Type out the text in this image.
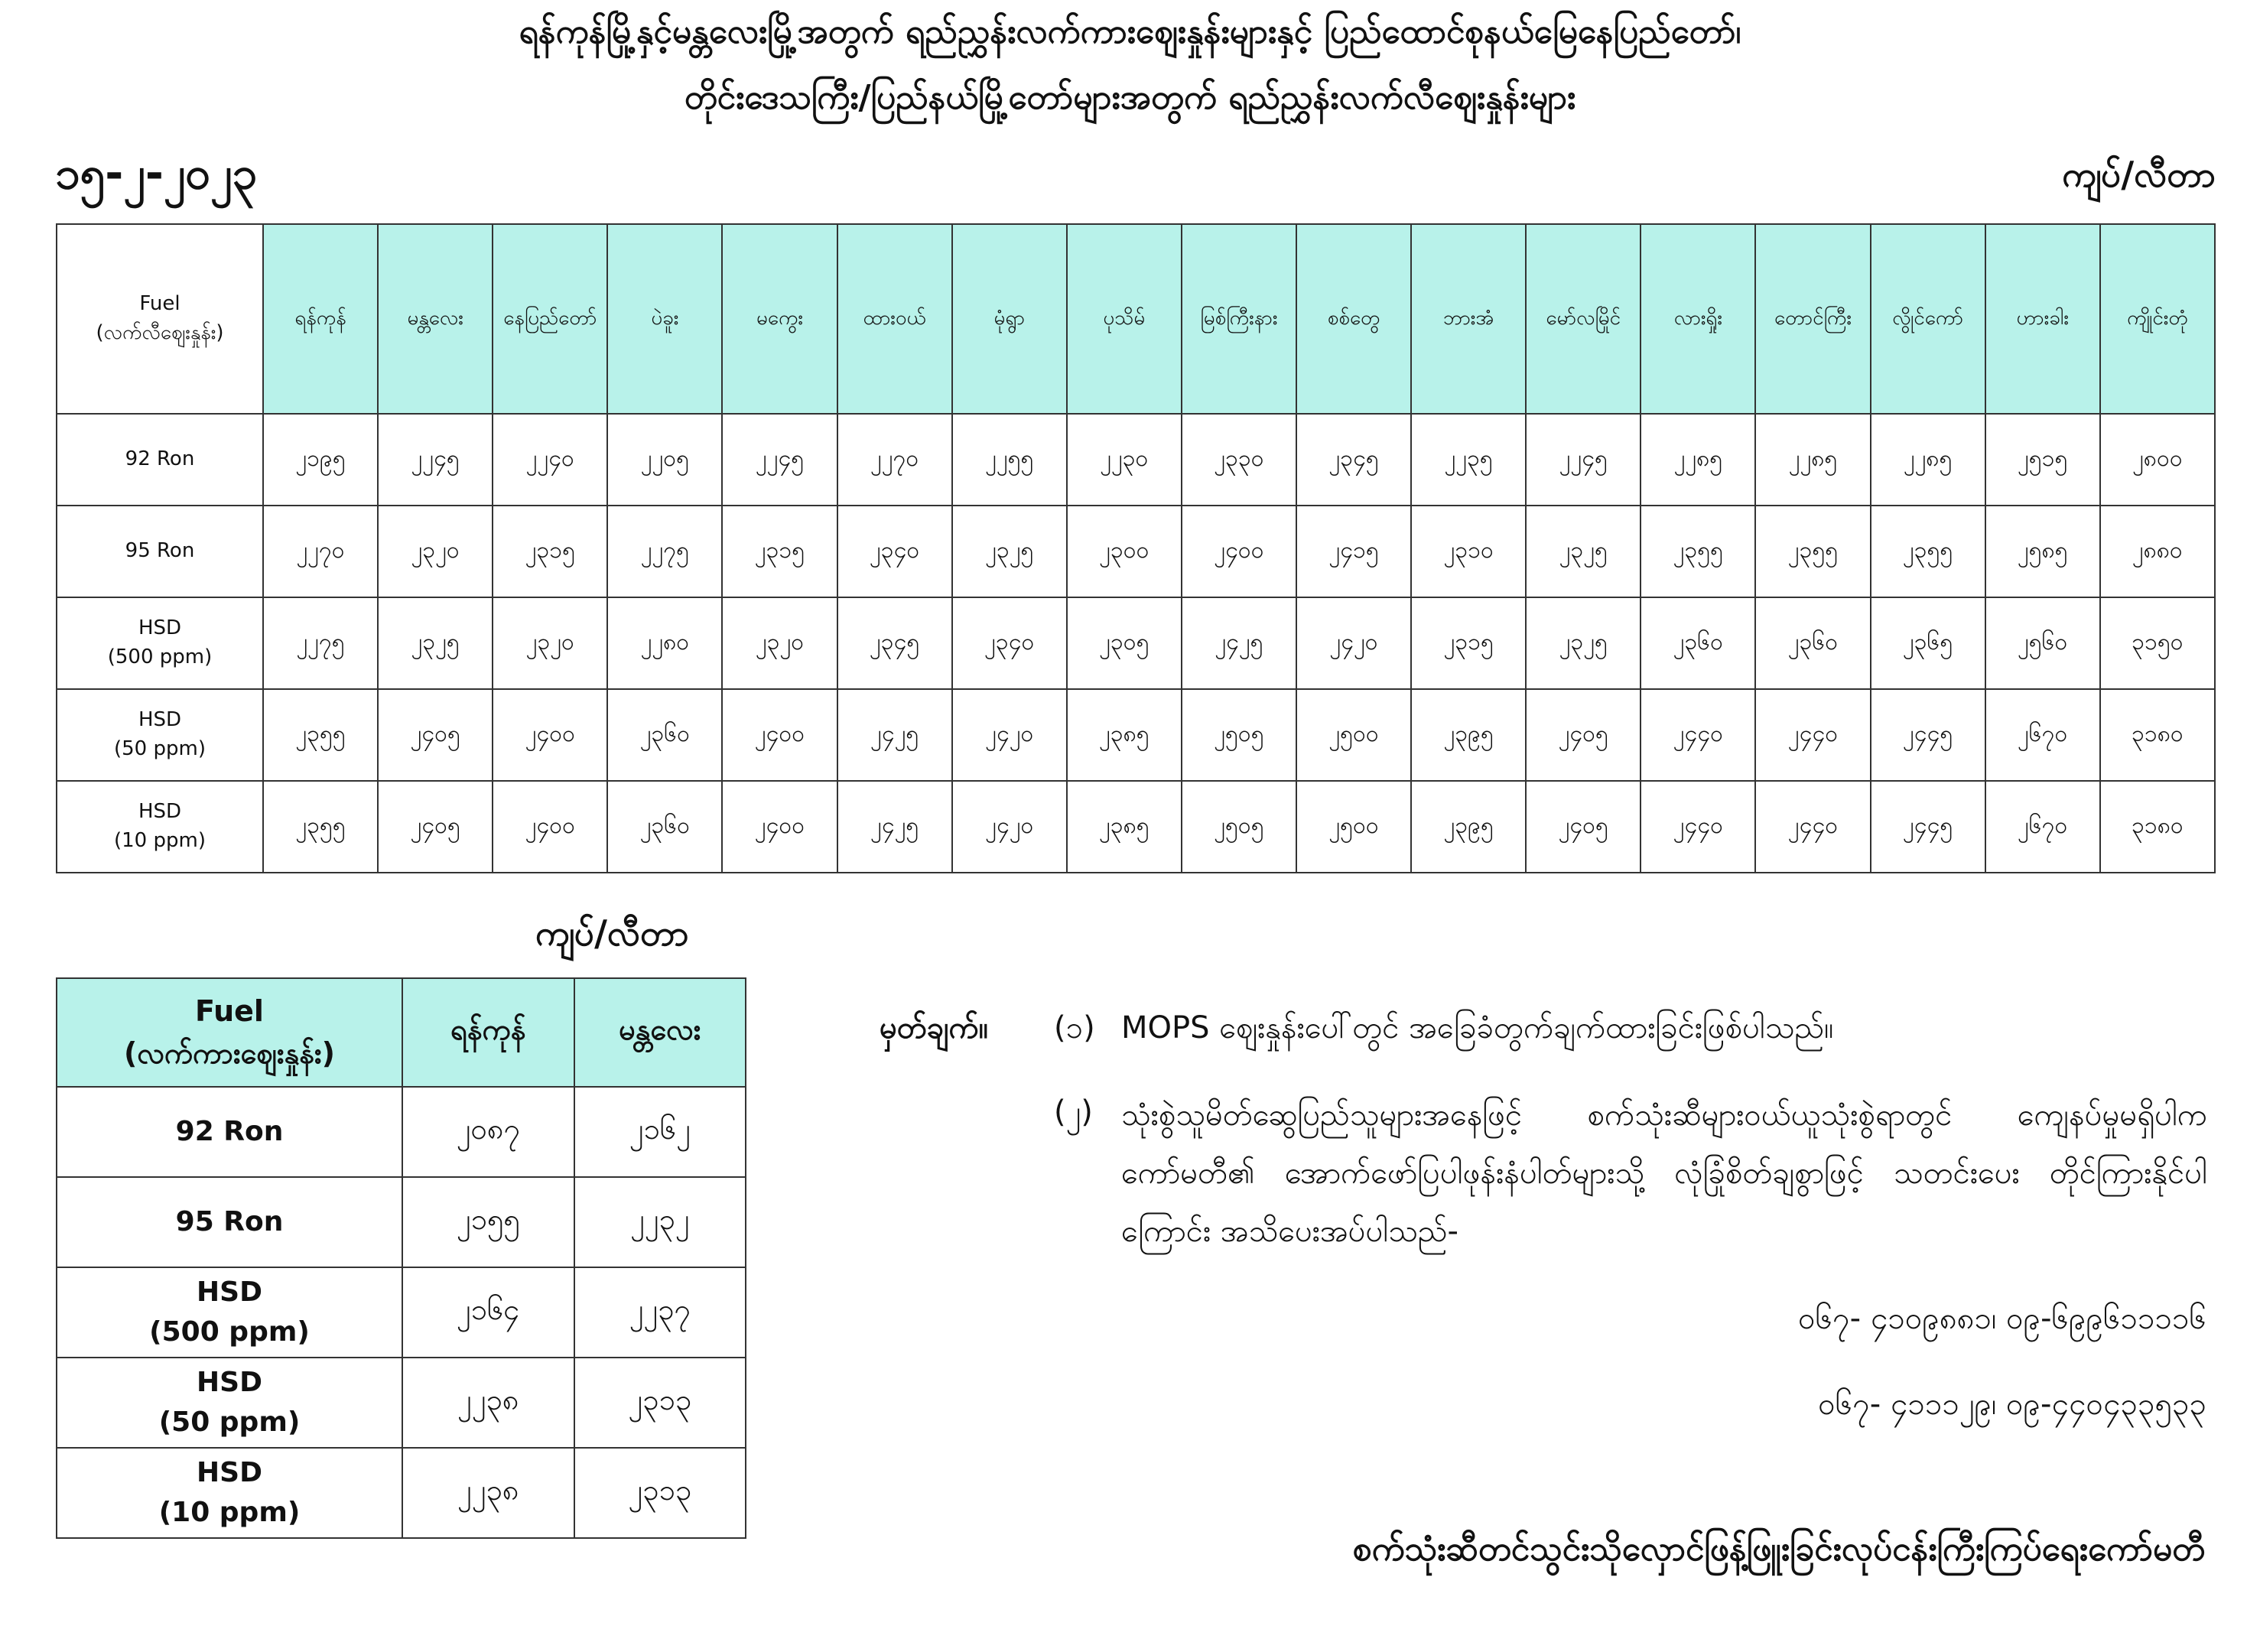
ရန်ကုန်မြို့နှင့်မန္တလေးမြို့အတွက် ရည်ညွှန်းလက်ကားဈေးနှုန်းများနှင့် ပြည်ထောင်စုနယ်မြေနေပြည်တော်၊
တိုင်းဒေသကြီး/ပြည်နယ်မြို့တော်များအတွက် ရည်ညွှန်းလက်လီဈေးနှုန်းများ
၁၅-၂-၂၀၂၃	ကျပ်/လီတာ
Fuel
(လက်လီဈေးနှုန်း)	ရန်ကုန်	မန္တလေး	နေပြည်တော်	ပဲခူး	မကွေး	ထားဝယ်	မုံရွာ	ပုသိမ်	မြစ်ကြီးနား	စစ်တွေ	ဘားအံ	မော်လမြိုင်	လားရှိုး	တောင်ကြီး	လွိုင်ကော်	ဟားခါး	ကျိုင်းတုံ

92 Ron	၂၁၉၅	၂၂၄၅	၂၂၄၀	၂၂၀၅	၂၂၄၅	၂၂၇၀	၂၂၅၅	၂၂၃၀	၂၃၃၀	၂၃၄၅	၂၂၃၅	၂၂၄၅	၂၂၈၅	၂၂၈၅	၂၂၈၅	၂၅၁၅	၂၈၀၀

95 Ron	၂၂၇၀	၂၃၂၀	၂၃၁၅	၂၂၇၅	၂၃၁၅	၂၃၄၀	၂၃၂၅	၂၃၀၀	၂၄၀၀	၂၄၁၅	၂၃၁၀	၂၃၂၅	၂၃၅၅	၂၃၅၅	၂၃၅၅	၂၅၈၅	၂၈၈၀

HSD
(500 ppm)	၂၂၇၅	၂၃၂၅	၂၃၂၀	၂၂၈၀	၂၃၂၀	၂၃၄၅	၂၃၄၀	၂၃၀၅	၂၄၂၅	၂၄၂၀	၂၃၁၅	၂၃၂၅	၂၃၆၀	၂၃၆၀	၂၃၆၅	၂၅၆၀	၃၁၅၀

HSD
(50 ppm)	၂၃၅၅	၂၄၀၅	၂၄၀၀	၂၃၆၀	၂၄၀၀	၂၄၂၅	၂၄၂၀	၂၃၈၅	၂၅၀၅	၂၅၀၀	၂၃၉၅	၂၄၀၅	၂၄၄၀	၂၄၄၀	၂၄၄၅	၂၆၇၀	၃၁၈၀

HSD
(10 ppm)	၂၃၅၅	၂၄၀၅	၂၄၀၀	၂၃၆၀	၂၄၀၀	၂၄၂၅	၂၄၂၀	၂၃၈၅	၂၅၀၅	၂၅၀၀	၂၃၉၅	၂၄၀၅	၂၄၄၀	၂၄၄၀	၂၄၄၅	၂၆၇၀	၃၁၈၀
ကျပ်/လီတာ
Fuel
(လက်ကားဈေးနှုန်း)	ရန်ကုန်	မန္တလေး

92 Ron	၂၀၈၇	၂၁၆၂

95 Ron	၂၁၅၅	၂၂၃၂

HSD
(500 ppm)	၂၁၆၄	၂၂၃၇

HSD
(50 ppm)	၂၂၃၈	၂၃၁၃

HSD
(10 ppm)	၂၂၃၈	၂၃၁၃
မှတ်ချက်။ (၁) MOPS ဈေးနှုန်းပေါ်တွင် အခြေခံတွက်ချက်ထားခြင်းဖြစ်ပါသည်။
(၂) သုံးစွဲသူမိတ်ဆွေပြည်သူများအနေဖြင့် စက်သုံးဆီများဝယ်ယူသုံးစွဲရာတွင် ကျေနပ်မှုမရှိပါက ကော်မတီ၏ အောက်ဖော်ပြပါဖုန်းနံပါတ်များသို့ လုံခြုံစိတ်ချစွာဖြင့် သတင်းပေး တိုင်ကြားနိုင်ပါကြောင်း အသိပေးအပ်ပါသည်-
၀၆၇- ၄၁၀၉၈၈၁၊ ၀၉-၆၉၉၆၁၁၁၁၆
၀၆၇- ၄၁၁၁၂၉၊ ၀၉-၄၄၀၄၃၃၅၃၃
စက်သုံးဆီတင်သွင်းသိုလှောင်ဖြန့်ဖြူးခြင်းလုပ်ငန်းကြီးကြပ်ရေးကော်မတီ
